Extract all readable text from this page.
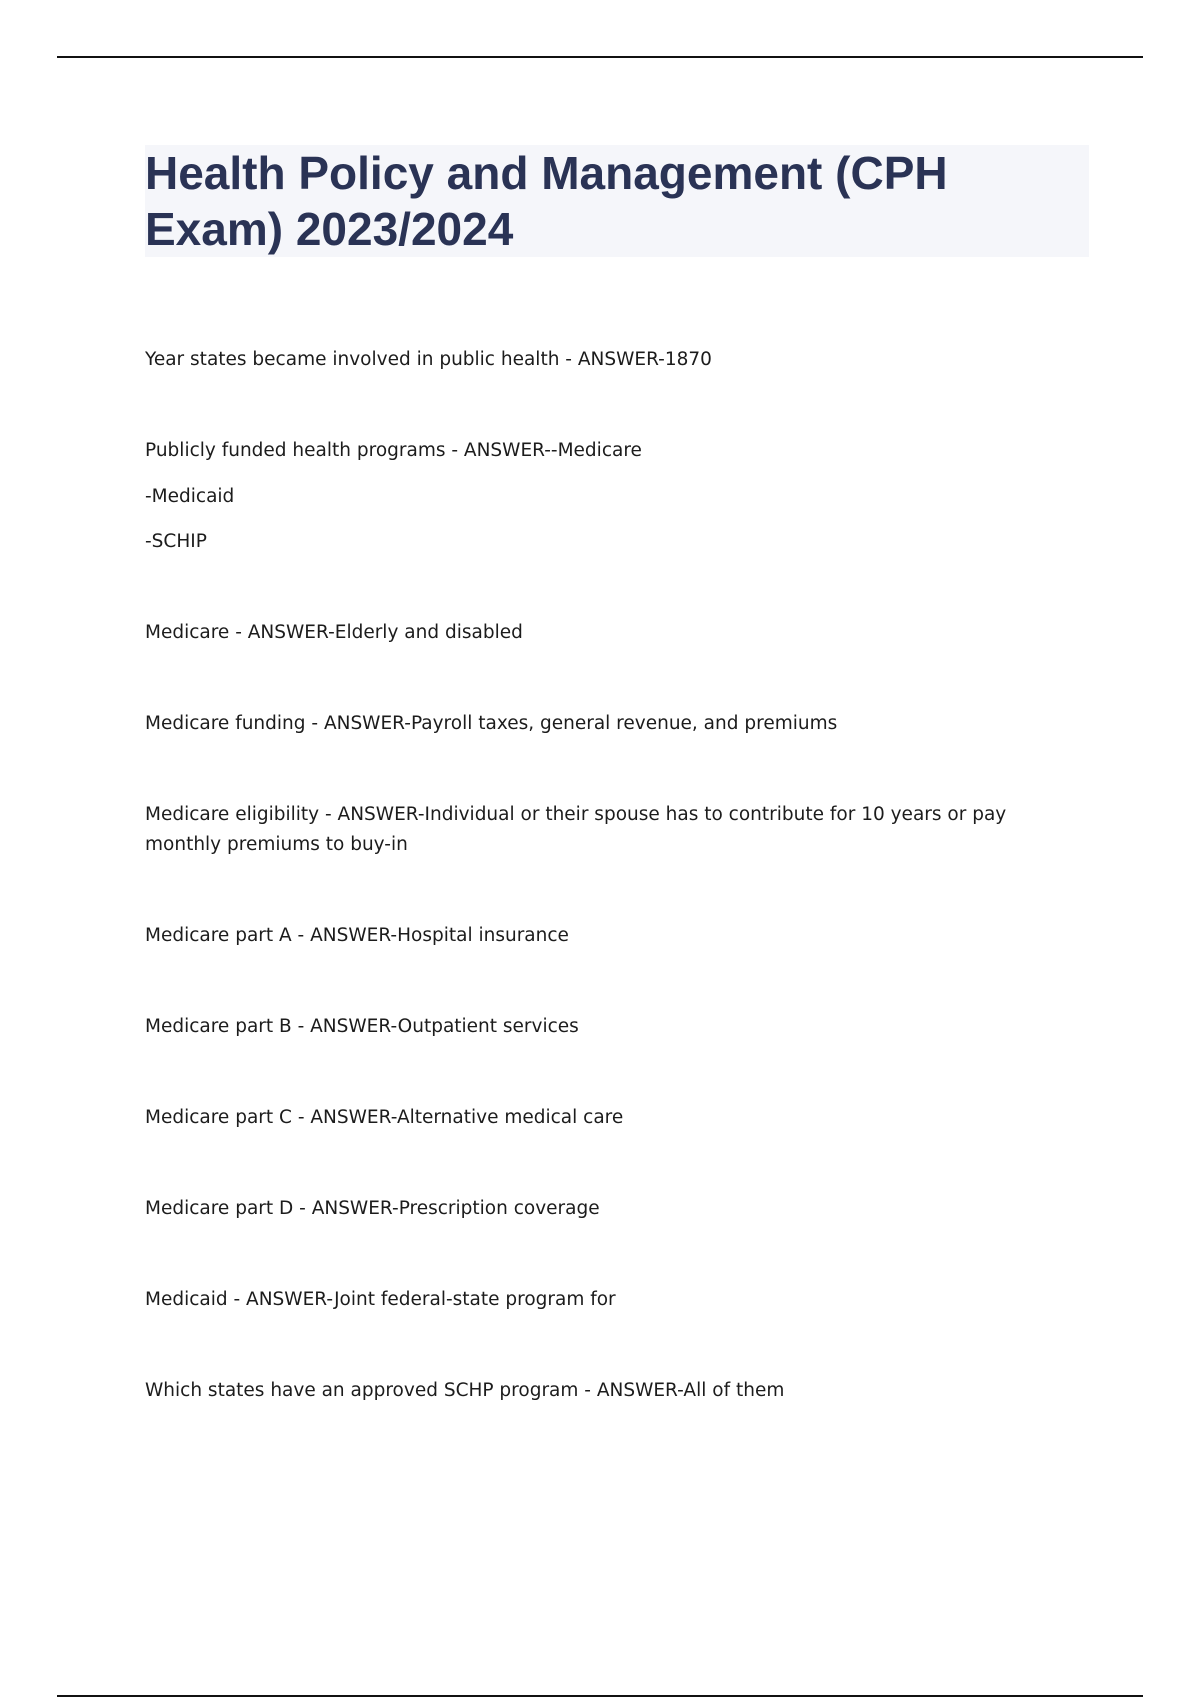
Health Policy and Management (CPH Exam) 2023/2024
Year states became involved in public health - ANSWER-1870
Publicly funded health programs - ANSWER--Medicare
-Medicaid
-SCHIP
Medicare - ANSWER-Elderly and disabled
Medicare funding - ANSWER-Payroll taxes, general revenue, and premiums
Medicare eligibility - ANSWER-Individual or their spouse has to contribute for 10 years or pay monthly premiums to buy-in
Medicare part A - ANSWER-Hospital insurance
Medicare part B - ANSWER-Outpatient services
Medicare part C - ANSWER-Alternative medical care
Medicare part D - ANSWER-Prescription coverage
Medicaid - ANSWER-Joint federal-state program for
Which states have an approved SCHP program - ANSWER-All of them
